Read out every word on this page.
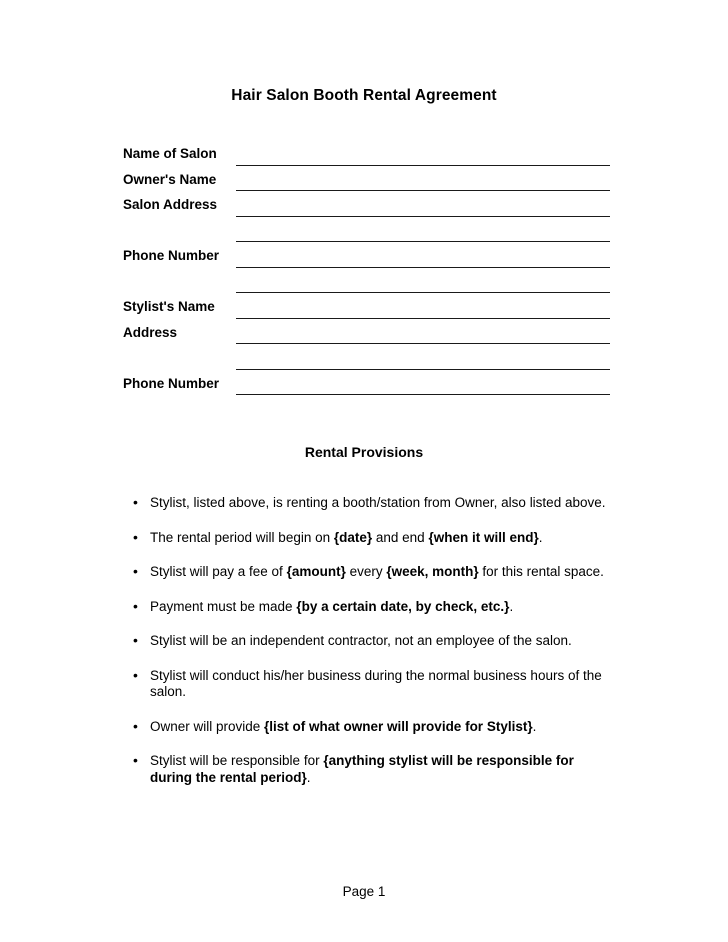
Hair Salon Booth Rental Agreement
Name of Salon
Owner's Name
Salon Address
Phone Number
Stylist's Name
Address
Phone Number
Rental Provisions
• Stylist, listed above, is renting a booth/station from Owner, also listed above.
• The rental period will begin on {date} and end {when it will end}.
• Stylist will pay a fee of {amount} every {week, month} for this rental space.
• Payment must be made {by a certain date, by check, etc.}.
• Stylist will be an independent contractor, not an employee of the salon.
• Stylist will conduct his/her business during the normal business hours of the salon.
• Owner will provide {list of what owner will provide for Stylist}.
• Stylist will be responsible for {anything stylist will be responsible for during the rental period}.
Page 1
